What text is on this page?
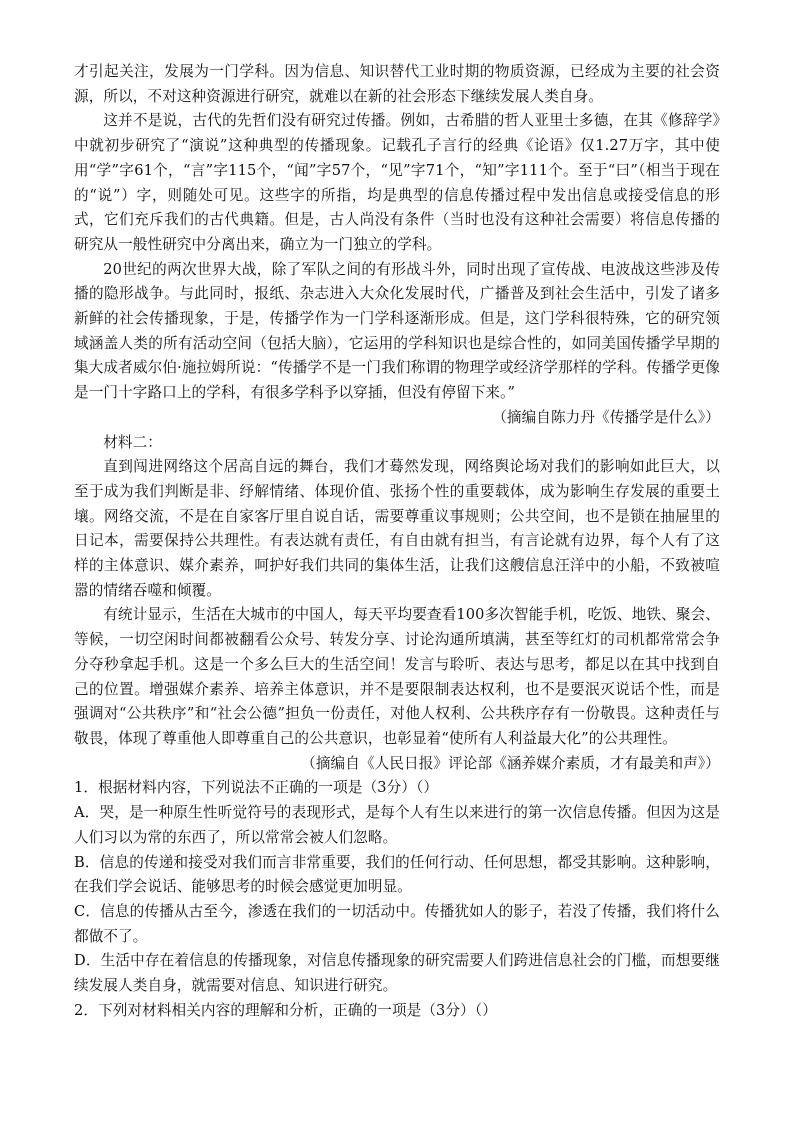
才引起关注，发展为一门学科。因为信息、知识替代工业时期的物质资源，已经成为主要的社会资源，所以，不对这种资源进行研究，就难以在新的社会形态下继续发展人类自身。

这并不是说，古代的先哲们没有研究过传播。例如，古希腊的哲人亚里士多德，在其《修辞学》中就初步研究了“演说”这种典型的传播现象。记载孔子言行的经典《论语》仅1.27万字，其中使用“学”字61个，“言”字115个，“闻”字57个，“见”字71个，“知”字111个。至于“曰”（相当于现在的“说”）字，则随处可见。这些字的所指，均是典型的信息传播过程中发出信息或接受信息的形式，它们充斥我们的古代典籍。但是，古人尚没有条件（当时也没有这种社会需要）将信息传播的研究从一般性研究中分离出来，确立为一门独立的学科。

20世纪的两次世界大战，除了军队之间的有形战斗外，同时出现了宣传战、电波战这些涉及传播的隐形战争。与此同时，报纸、杂志进入大众化发展时代，广播普及到社会生活中，引发了诸多新鲜的社会传播现象，于是，传播学作为一门学科逐渐形成。但是，这门学科很特殊，它的研究领域涵盖人类的所有活动空间（包括大脑），它运用的学科知识也是综合性的，如同美国传播学早期的集大成者威尔伯·施拉姆所说：“传播学不是一门我们称谓的物理学或经济学那样的学科。传播学更像是一门十字路口上的学科，有很多学科予以穿插，但没有停留下来。”

（摘编自陈力丹《传播学是什么》）

材料二：

直到闯进网络这个居高自远的舞台，我们才蓦然发现，网络舆论场对我们的影响如此巨大，以至于成为我们判断是非、纾解情绪、体现价值、张扬个性的重要载体，成为影响生存发展的重要土壤。网络交流，不是在自家客厅里自说自话，需要尊重议事规则；公共空间，也不是锁在抽屉里的日记本，需要保持公共理性。有表达就有责任，有自由就有担当，有言论就有边界，每个人有了这样的主体意识、媒介素养，呵护好我们共同的集体生活，让我们这艘信息汪洋中的小船，不致被喧嚣的情绪吞噬和倾覆。

有统计显示，生活在大城市的中国人，每天平均要查看100多次智能手机，吃饭、地铁、聚会、等候，一切空闲时间都被翻看公众号、转发分享、讨论沟通所填满，甚至等红灯的司机都常常会争分夺秒拿起手机。这是一个多么巨大的生活空间！发言与聆听、表达与思考，都足以在其中找到自己的位置。增强媒介素养、培养主体意识，并不是要限制表达权利，也不是要泯灭说话个性，而是强调对“公共秩序”和“社会公德”担负一份责任，对他人权利、公共秩序存有一份敬畏。这种责任与敬畏，体现了尊重他人即尊重自己的公共意识，也彰显着“使所有人利益最大化”的公共理性。

（摘编自《人民日报》评论部《涵养媒介素质，才有最美和声》）

1．根据材料内容，下列说法不正确的一项是（3分）（）

A．哭，是一种原生性听觉符号的表现形式，是每个人有生以来进行的第一次信息传播。但因为这是人们习以为常的东西了，所以常常会被人们忽略。

B．信息的传递和接受对我们而言非常重要，我们的任何行动、任何思想，都受其影响。这种影响，在我们学会说话、能够思考的时候会感觉更加明显。

C．信息的传播从古至今，渗透在我们的一切活动中。传播犹如人的影子，若没了传播，我们将什么都做不了。

D．生活中存在着信息的传播现象，对信息传播现象的研究需要人们跨进信息社会的门槛，而想要继续发展人类自身，就需要对信息、知识进行研究。

2．下列对材料相关内容的理解和分析，正确的一项是（3分）（）
